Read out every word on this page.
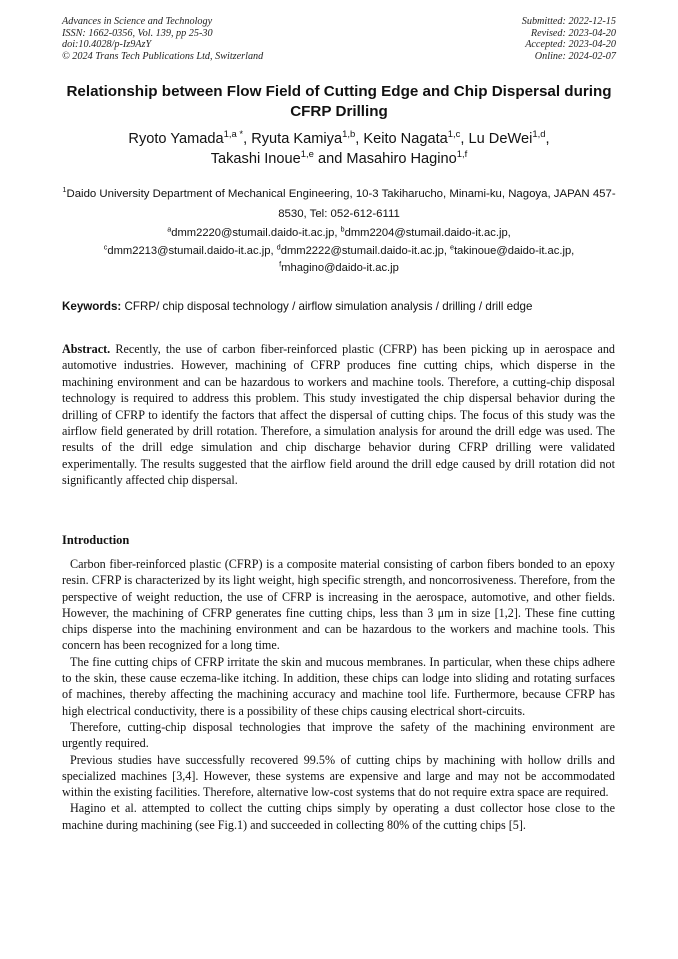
Advances in Science and Technology
ISSN: 1662-0356, Vol. 139, pp 25-30
doi:10.4028/p-Iz9AzY
© 2024 Trans Tech Publications Ltd, Switzerland
Submitted: 2022-12-15
Revised: 2023-04-20
Accepted: 2023-04-20
Online: 2024-02-07
Relationship between Flow Field of Cutting Edge and Chip Dispersal during CFRP Drilling
Ryoto Yamada$^{1,a *}$, Ryuta Kamiya$^{1,b}$, Keito Nagata$^{1,c}$, Lu DeWei$^{1,d}$,
Takashi Inoue$^{1,e}$ and Masahiro Hagino$^{1,f}$
$^1$Daido University Department of Mechanical Engineering, 10-3 Takiharucho, Minami-ku, Nagoya, JAPAN 457-8530, Tel: 052-612-6111
$^a$dmm2220@stumail.daido-it.ac.jp, $^b$dmm2204@stumail.daido-it.ac.jp,
$^c$dmm2213@stumail.daido-it.ac.jp, $^d$dmm2222@stumail.daido-it.ac.jp, $^e$takinoue@daido-it.ac.jp,
$^f$mhagino@daido-it.ac.jp
Keywords: CFRP/ chip disposal technology / airflow simulation analysis / drilling / drill edge

Abstract. Recently, the use of carbon fiber-reinforced plastic (CFRP) has been picking up in aerospace and automotive industries. However, machining of CFRP produces fine cutting chips, which disperse in the machining environment and can be hazardous to workers and machine tools. Therefore, a cutting-chip disposal technology is required to address this problem. This study investigated the chip dispersal behavior during the drilling of CFRP to identify the factors that affect the dispersal of cutting chips. The focus of this study was the airflow field generated by drill rotation. Therefore, a simulation analysis for around the drill edge was used. The results of the drill edge simulation and chip discharge behavior during CFRP drilling were validated experimentally. The results suggested that the airflow field around the drill edge caused by drill rotation did not significantly affected chip dispersal.

Introduction

Carbon fiber-reinforced plastic (CFRP) is a composite material consisting of carbon fibers bonded to an epoxy resin. CFRP is characterized by its light weight, high specific strength, and noncorrosiveness. Therefore, from the perspective of weight reduction, the use of CFRP is increasing in the aerospace, automotive, and other fields. However, the machining of CFRP generates fine cutting chips, less than 3 μm in size [1,2]. These fine cutting chips disperse into the machining environment and can be hazardous to the workers and machine tools. This concern has been recognized for a long time.

The fine cutting chips of CFRP irritate the skin and mucous membranes. In particular, when these chips adhere to the skin, these cause eczema-like itching. In addition, these chips can lodge into sliding and rotating surfaces of machines, thereby affecting the machining accuracy and machine tool life. Furthermore, because CFRP has high electrical conductivity, there is a possibility of these chips causing electrical short-circuits.

Therefore, cutting-chip disposal technologies that improve the safety of the machining environment are urgently required.

Previous studies have successfully recovered 99.5% of cutting chips by machining with hollow drills and specialized machines [3,4]. However, these systems are expensive and large and may not be accommodated within the existing facilities. Therefore, alternative low-cost systems that do not require extra space are required.

Hagino et al. attempted to collect the cutting chips simply by operating a dust collector hose close to the machine during machining (see Fig.1) and succeeded in collecting 80% of the cutting chips [5].
